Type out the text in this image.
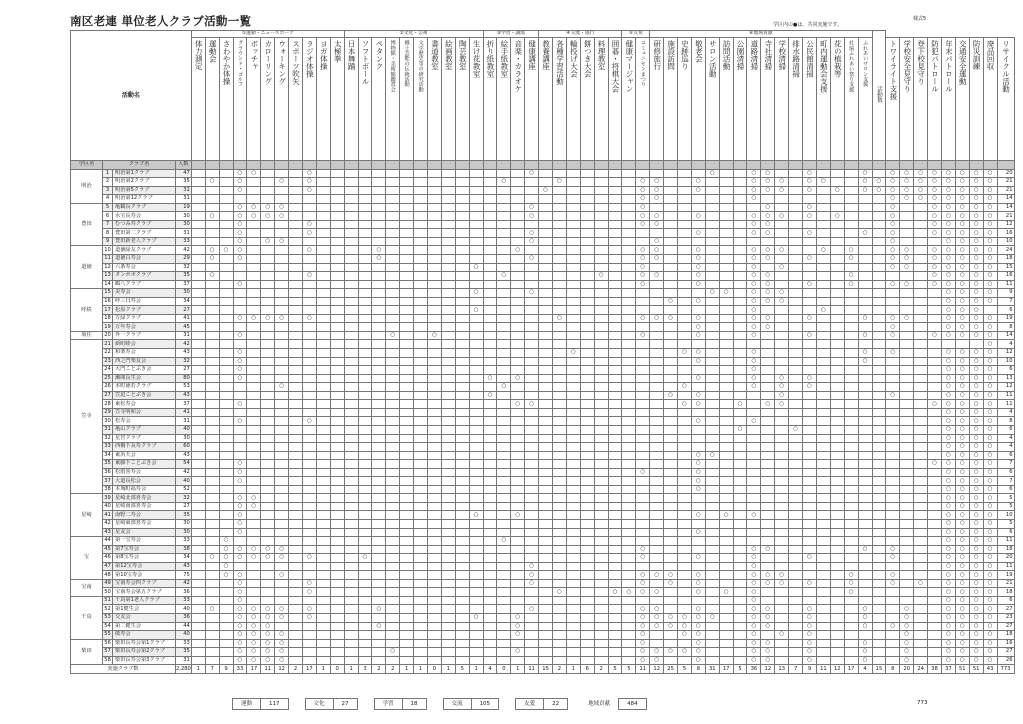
南区老連 単位老人クラブ活動一覧	学区内の●は、共同実施です。
様式5
活動名				①運動・ニュースポーツ											②文化・芸術										③学習・講演				④交流・旅行						⑤友愛		⑥地域貢献																活動数									
				体力測定	運動会	さわやか体操	グラウンド・ゴルフ	ボッチャ	カローリング	ウォーキング	スポーツ吹矢	ラジオ体操	ヨガ体操	太極拳	日本舞踊	ソフトボール	ペタンク	博物館・美術館鑑賞会	郷土芸能の伝統活動	文学歴史等の研究活動	書道教室	絵画教室	陶芸教室	生け花教室	折り紙教室	絵手紙教室	音楽・カラオケ	健康講座	教養講座	各種学習活動	輪投げ大会	餅つき大会	料理教室	囲碁・将棋大会	健康マージャン	コミュニセンまつり	研修旅行	施設訪問	史跡巡り	敬老会	サロン活動	訪問活動	公園清掃	道路清掃	寺社清掃	学校清掃	排水路清掃	公民館清掃	町内運動会支援	花の植栽等	社協ふれあい祭り支援	ふれあいサロン支援		トワイライト支援	学校安全見守り	登下校見守り	防犯パトロール	年末パトロール	交通安全運動	防災訓練	廃品回収	リサイクル活動
学区名	クラブ名		人数																																																											
明治	1	明治第1クラブ	47				○	○				○																○													○			○	○			○				○		○	○	○	○	○	○	○	○	20
	2	明治第2クラブ	35		○		○			○		○														○				○						○	○			○				○	○	○		○	○			○	○	○	○	○	○	○	○	○	○	21
	3	明治第5クラブ	31				○					○																	○							○	○			○				○	○	○		○		○		○	○	○	○	○	○	○	○	○	○	21
	4	明治第12クラブ	31																																	○	○							○										○	○	○	○	○	○	○	○	14
豊田	5	亀鶴長クラブ	19				○	○	○	○																		○								○									○			○						○			○	○	○	○	○	14
	6	水宝長寿会	30		○		○	○	○	○																		○								○	○			○				○	○	○		○		○				○			○	○	○	○	○	21
	7	むつみ寿クラブ	30				○					○																								○	○							○	○									○			○	○	○	○	○	12
	8	豊田第二クラブ	31				○					○																○												○				○	○			○				○		○			○	○	○	○	○	16
	9	豊田新老人クラブ	33				○		○	○																		○									○																	○				○	○	○	○	10
道徳	10	道徳緑友クラブ	42		○	○	○					○					○										○									○	○			○				○	○	○			○		○			○	○		○	○	○	○	○	24
	11	道徳白寿会	29		○		○										○											○								○	○			○				○	○			○			○			○	○		○	○	○	○	○	18
	12	六条寿会	32																					○												○				○				○		○								○	○		○	○	○	○	○	15
	13	タンポポクラブ	35		○							○														○							○			○	○			○				○	○						○						○	○	○	○	○	16
	14	鶴八クラブ	37				○																													○				○				○	○			○			○			○	○		○	○	○	○	○	11
呼続	15	美寿会	30																					○				○													○	○		○	○	○												○	○	○	○	9
	16	呼三日寿会	34																																			○		○				○	○	○												○	○	○	○	7
	17	松原クラブ	27																					○																				○					○									○	○	○		6
	18	万緑クラブ	41				○	○	○	○		○																		○						○	○	○		○				○	○			○				○		○	○			○	○	○	○	19
	19	万年寿会	45																																					○				○	○									○				○	○	○	○	8
菊住	20	外一クラブ	31				○											○			○															○				○				○				○				○		○			○	○	○	○	○	14
笠寺	21	新町睦会	42																																																										○	4
	22	和楽寿会	43				○																								○								○	○				○								○		○				○	○	○	○	12
	23	西之門楽友会	32				○																																	○				○								○						○	○	○	○	10
	24	大門ことぶき会	27				○																																					○														○	○	○	○	6
	25	瀬間長生会	80				○																		○		○													○				○		○		○										○	○	○	○	13
	26	本町徳若クラブ	53							○																○													○					○		○		○										○	○	○	○	12
	27	笠迫ことぶき会	43																						○													○		○						○								○				○	○	○	○	11
	28	東松寿会	37				○																				○	○											○	○			○		○	○											○	○	○	○	○	11
	29	笠寺明和会	41																																																							○	○	○	○	4
	30	松寿会	31				○					○																												○				○														○	○	○	○	8
	31	亀山クラブ	40																																								○				○											○	○	○	○	6
	32	星宮クラブ	30																																																							○	○	○	○	4
	33	西橋下長寿クラブ	60																																																							○	○	○	○	4
	34	東浜天会	43																																					○	○																	○	○	○	○	6
	35	東藤下ことぶき会	54				○																																	○																	○	○	○	○	○	7
	36	松雨喜寿会	42				○																													○				○																		○	○	○	○	6
	37	大道長松会	40				○																																	○																		○	○	○	○	7
	38	本城町福寿会	52																																					○																		○	○	○	○	6
星崎	39	星崎北部喜寿会	32				○	○																																																		○	○	○	○	5
	40	星崎南部喜寿会	27				○	○																																																		○	○	○	○	5
	41	南野二寿会	35				○																	○			○													○		○		○														○	○	○	○	10
	42	星崎東部喜寿会	30				○																																																			○	○	○	○	5
	43	星友会	30				○																																	○																		○	○	○	○	6
宝	44	第一宝寿会	33			○																				○																																○	○	○	○	11
	45	第7宝寿会	38			○	○	○	○	○																										○								○	○							○		○				○	○	○	○	18
	46	第8宝寿会	34		○	○	○	○	○	○		○				○																				○				○				○				○						○				○	○	○	○	20
	47	第12宝寿会	43			○																						○																○														○	○	○	○	11
	48	第10宝寿会	75			○	○			○																		○								○	○	○		○				○	○	○					○			○				○	○	○	○	19
宝南	49	宝南寿会四クラブ	42				○					○																○								○		○		○				○	○	○		○			○			○		○		○	○	○	○	21
	50	宝南寿会第五クラブ	36				○					○																		○				○	○	○	○			○		○		○							○							○	○	○	○	18
千鳥	51	千鳥第1老人クラブ	33				○																																					○														○	○	○	○	6
	52	第1健生会	40		○		○	○	○	○		○					○											○								○	○			○				○	○			○				○			○			○	○	○	○	27
	53	交友会	36				○	○	○	○		○												○			○									○	○	○	○	○	○			○	○			○				○			○			○	○	○	○	23
	54	第二健生会	44				○	○	○								○										○									○	○	○	○	○				○	○			○				○		○	○			○	○	○	○	27
	55	敬寿会	40				○	○	○	○																	○									○			○	○				○		○		○							○			○	○	○	○	18
柴田	56	柴田長寿会第1クラブ	33				○	○	○	○																										○				○				○	○			○				○			○			○	○	○	○	16
	57	柴田長寿会第2クラブ	35				○	○	○	○								○									○									○	○	○	○	○				○	○			○				○			○			○	○	○	○	27
	58	柴田長寿会第3クラブ	31				○	○	○	○																										○	○			○				○	○			○				○			○			○	○	○	○	26
実施クラブ数			2,280	1	7	9	33	17	11	12	2	17	1	0	1	3	2	2	1	1	0	1	5	1	4	0	1	11	15	2	1	6	2	5	5	11	12	25	5	8	31	17	5	36	12	13	7	9	11	12	17	4	15	8	20	24	38	37	51	51	43	773
運動	117	文化	27	学習	18	交流	105	友愛	22	地域貢献	484	773
